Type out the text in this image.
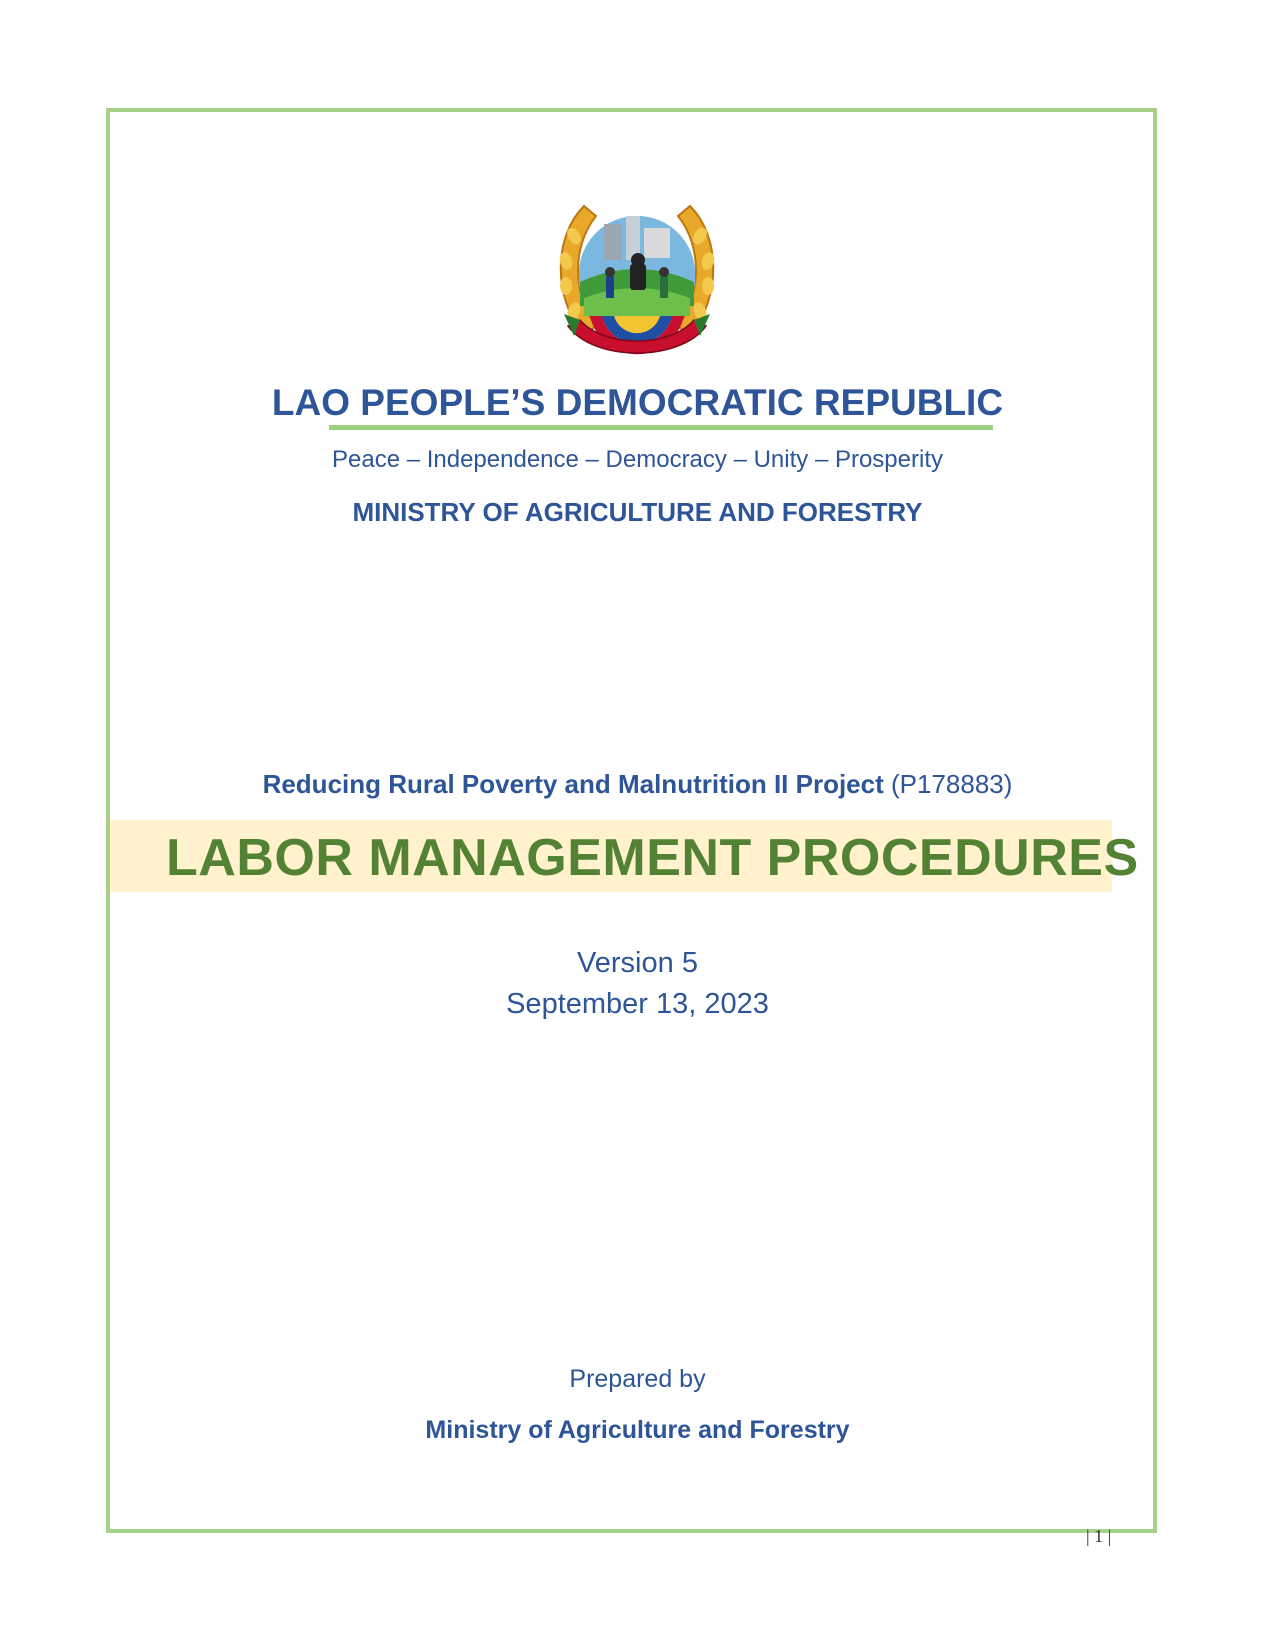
LAO PEOPLE’S DEMOCRATIC REPUBLIC
Peace – Independence – Democracy – Unity – Prosperity
MINISTRY OF AGRICULTURE AND FORESTRY
Reducing Rural Poverty and Malnutrition II Project (P178883)
LABOR MANAGEMENT PROCEDURES
Version 5
September 13, 2023
Prepared by
Ministry of Agriculture and Forestry
| 1 |
